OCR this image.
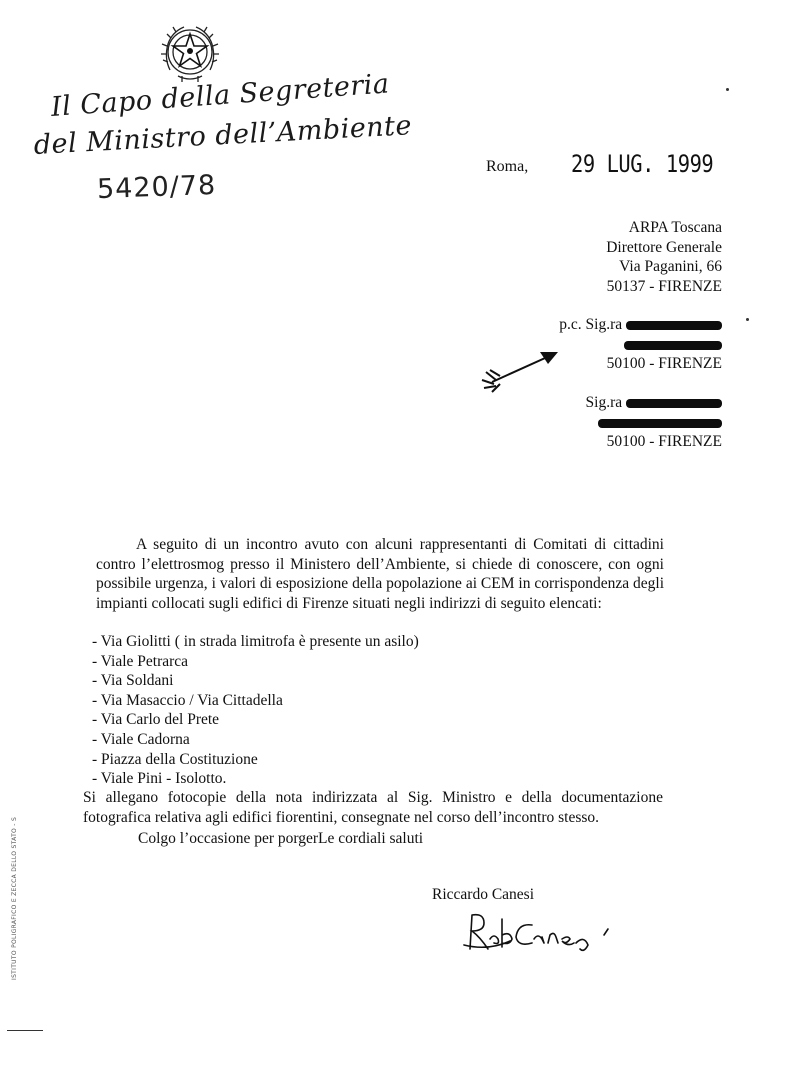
Il Capo della Segreteria
del Ministro dell’Ambiente
5420/78
Roma, 29 LUG. 1999
ARPA Toscana
Direttore Generale
Via Paganini, 66
50137 - FIRENZE
p.c. Sig.ra
50100 - FIRENZE
Sig.ra
50100 - FIRENZE
A seguito di un incontro avuto con alcuni rappresentanti di Comitati di cittadini contro l’elettrosmog presso il Ministero dell’Ambiente, si chiede di conoscere, con ogni possibile urgenza, i valori di esposizione della popolazione ai CEM in corrispondenza degli impianti collocati sugli edifici di Firenze situati negli indirizzi di seguito elencati:
- Via Giolitti ( in strada limitrofa è presente un asilo)
- Viale Petrarca
- Via Soldani
- Via Masaccio / Via Cittadella
- Via Carlo del Prete
- Viale Cadorna
- Piazza della Costituzione
- Viale Pini - Isolotto.
Si allegano fotocopie della nota indirizzata al Sig. Ministro e della documentazione fotografica relativa agli edifici fiorentini, consegnate nel corso dell’incontro stesso.
Colgo l’occasione per porgerLe cordiali saluti
Riccardo Canesi
ISTITUTO POLIGRAFICO E ZECCA DELLO STATO - S
